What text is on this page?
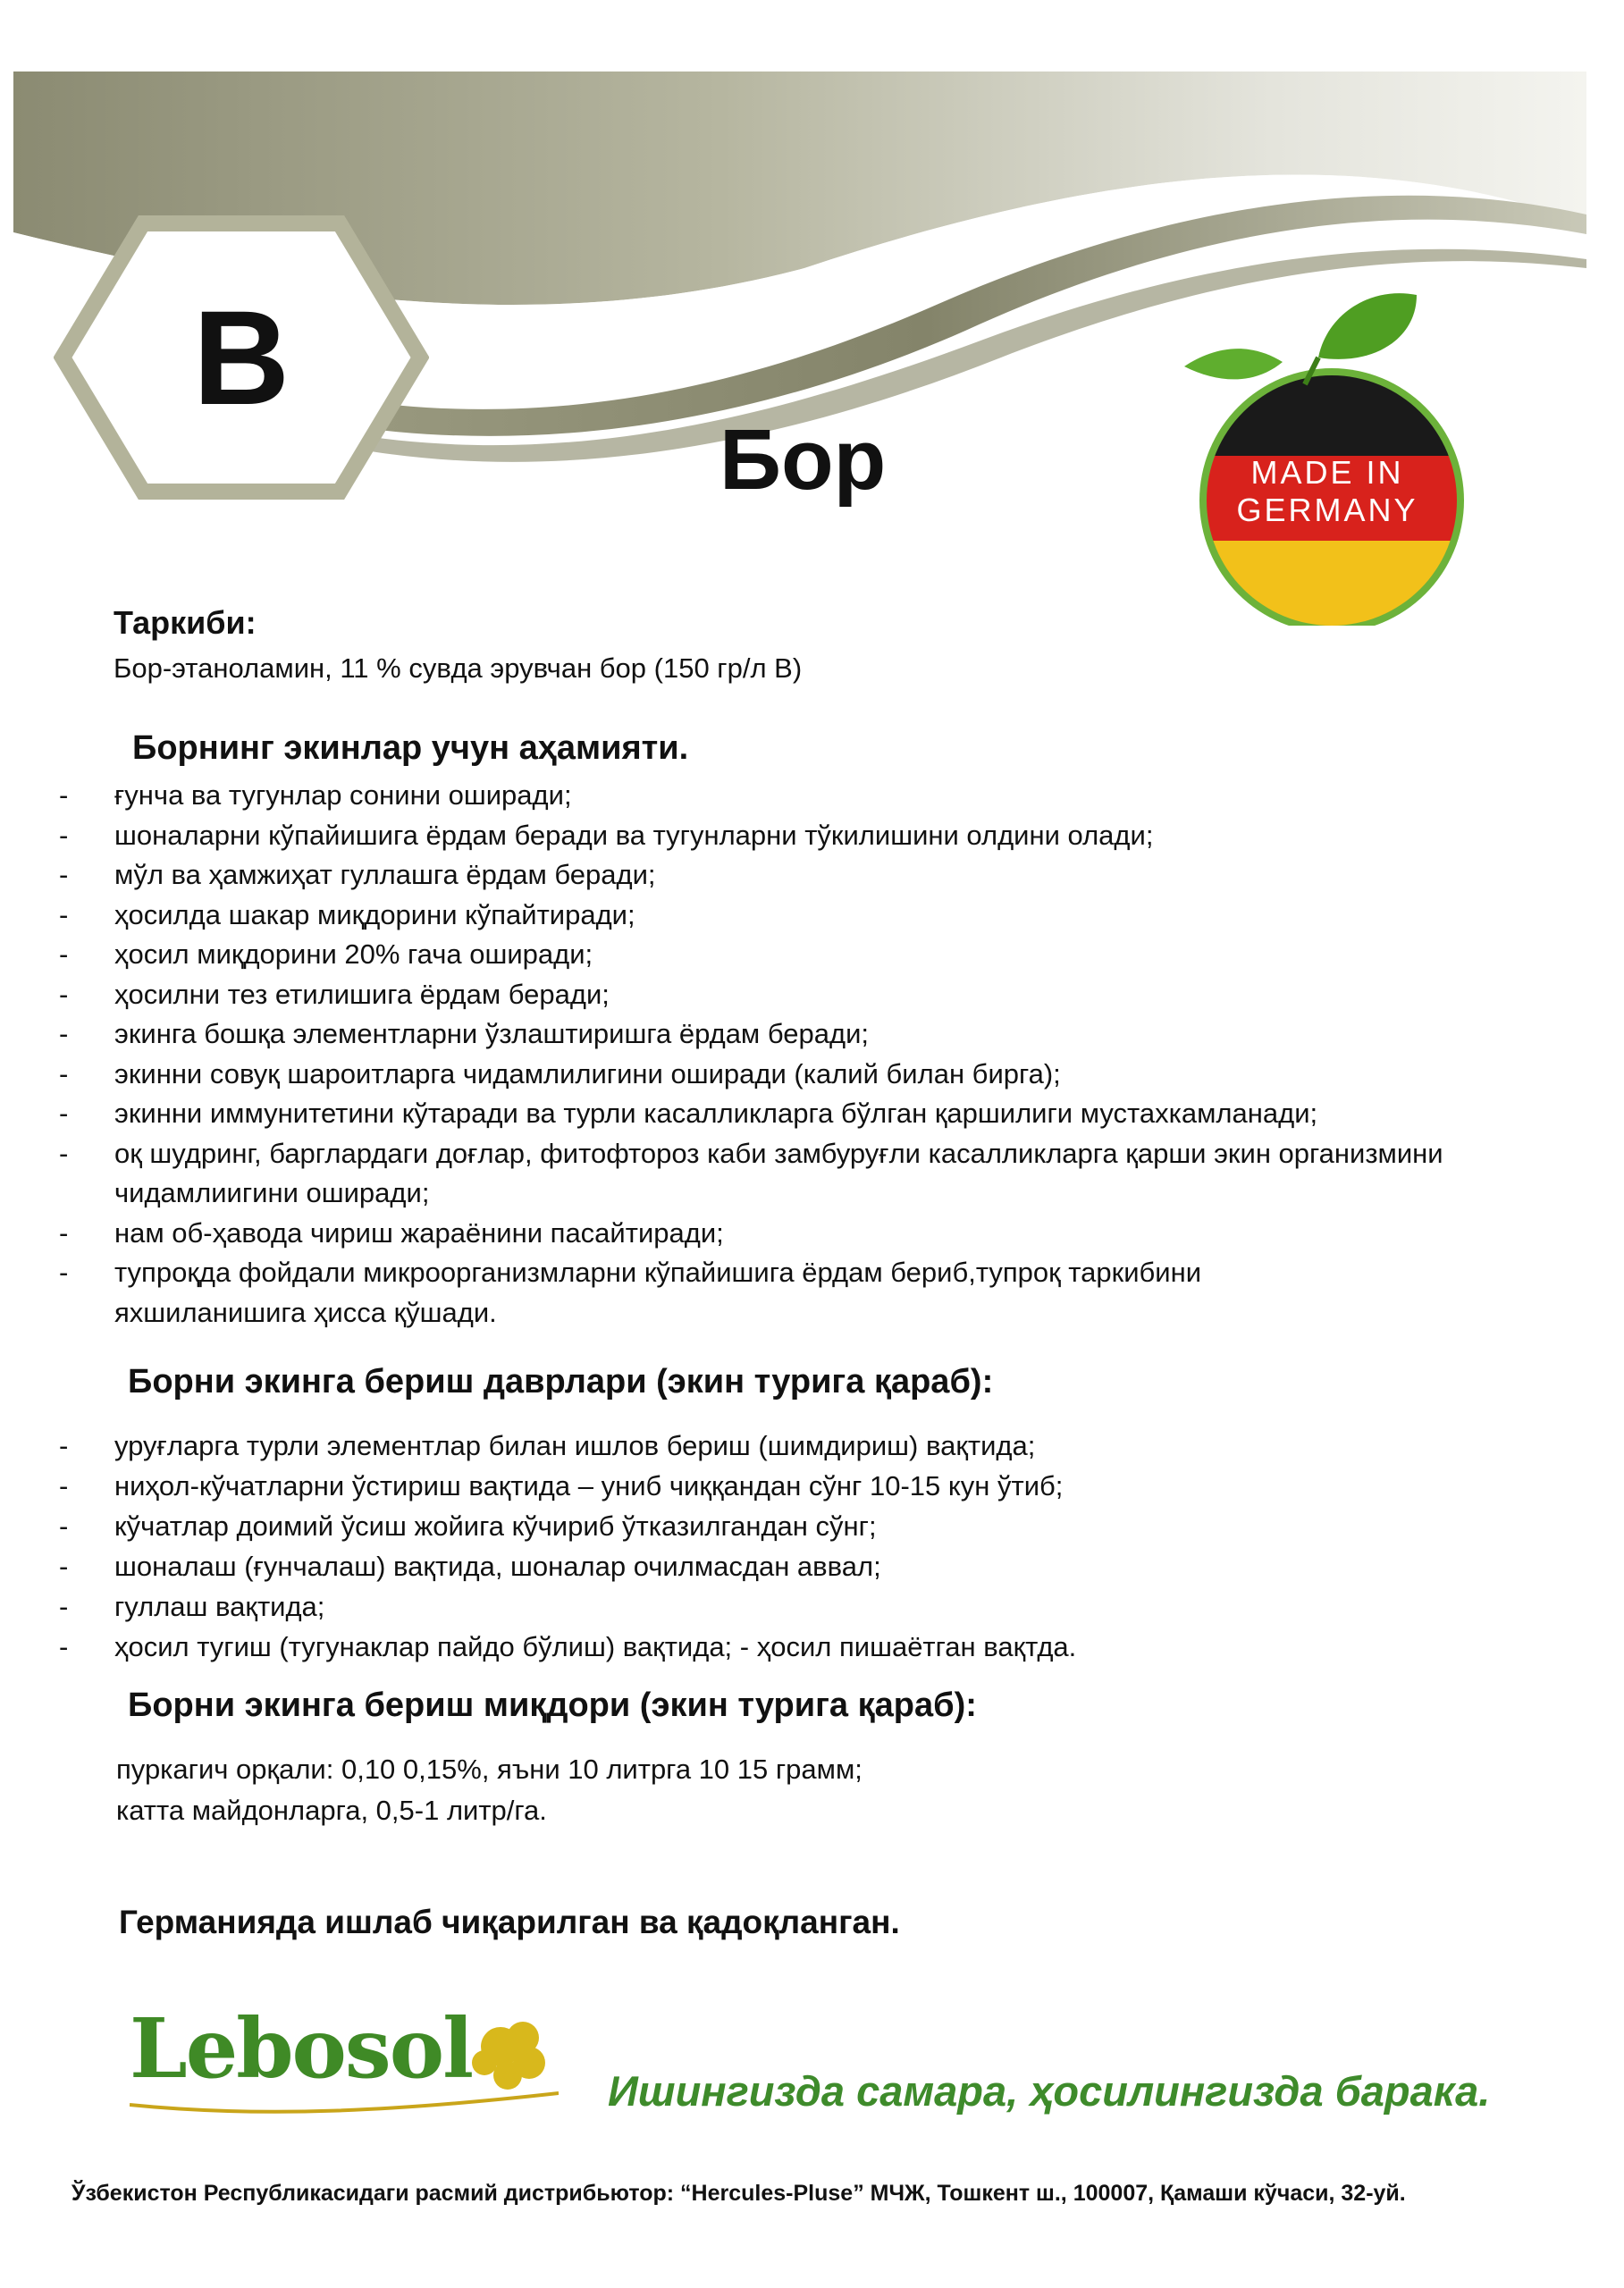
B
Бор	MADE IN
GERMANY
Таркиби:
Бор-этаноламин, 11 % сувда эрувчан бор (150 гр/л B)
Борнинг экинлар учун аҳамияти.
- ғунча ва тугунлар сонини оширади;
- шоналарни кўпайишига ёрдам беради ва тугунларни тўкилишини олдини олади;
- мўл ва ҳамжиҳат гуллашга ёрдам беради;
- ҳосилда шакар миқдорини кўпайтиради;
- ҳосил миқдорини 20% гача оширади;
- ҳосилни тез етилишига ёрдам беради;
- экинга бошқа элементларни ўзлаштиришга ёрдам беради;
- экинни совуқ шароитларга чидамлилигини оширади (калий билан бирга);
- экинни иммунитетини кўтаради ва турли касалликларга бўлган қаршилиги мустахкамланади;
- оқ шудринг, барглардаги доғлар, фитофтороз каби замбуруғли касалликларга қарши экин организмини чидамлиигини оширади;
- нам об-ҳавода чириш жараёнини пасайтиради;
- тупроқда фойдали микроорганизмларни кўпайишига ёрдам бериб,тупроқ таркибини яхшиланишига ҳисса қўшади.
Борни экинга бериш даврлари (экин турига қараб):
- уруғларга турли элементлар билан ишлов бериш (шимдириш) вақтида;
- ниҳол-кўчатларни ўстириш вақтида – униб чиққандан сўнг 10-15 кун ўтиб;
- кўчатлар доимий ўсиш жойига кўчириб ўтказилгандан сўнг;
- шоналаш (ғунчалаш) вақтида, шоналар очилмасдан аввал;
- гуллаш вақтида;
- ҳосил тугиш (тугунаклар пайдо бўлиш) вақтида; - ҳосил пишаётган вақтда.
Борни экинга бериш миқдори (экин турига қараб):
пуркагич орқали: 0,10 0,15%, яъни 10 литрга 10 15 грамм;
катта майдонларга, 0,5-1 литр/га.
Германияда ишлаб чиқарилган ва қадоқланган.
Lebosol	Ишингизда самара, ҳосилингизда барака.
Ўзбекистон Республикасидаги расмий дистрибьютор: “Hercules-Pluse” МЧЖ, Тошкент ш., 100007, Қамаши кўчаси, 32-уй.
